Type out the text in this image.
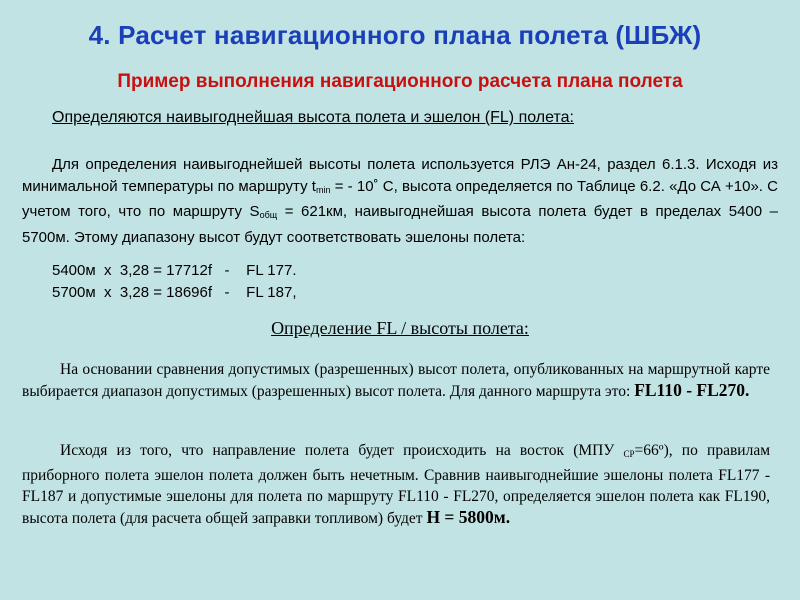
4. Расчет навигационного плана полета (ШБЖ)
Пример выполнения навигационного расчета плана полета
Определяются наивыгоднейшая высота полета и эшелон (FL) полета:
Для определения наивыгоднейшей высоты полета используется РЛЭ Ан-24, раздел 6.1.3. Исходя из минимальной температуры по маршруту $t_{min}$ = - 10˚ С, высота определяется по Таблице 6.2. «До СА +10». С учетом того, что по маршруту $S_{общ} = 621км$, наивыгоднейшая высота полета будет в пределах 5400 – 5700м. Этому диапазону высот будут соответствовать эшелоны полета:
5400м  х  3,28 = 17712f   -    FL 177.
5700м  х  3,28 = 18696f   -    FL 187,
Определение FL / высоты полета:
На основании сравнения допустимых (разрешенных) высот полета, опубликованных на маршрутной карте выбирается диапазон допустимых (разрешенных) высот полета. Для данного маршрута это: FL110 - FL270.
Исходя из того, что направление полета будет происходить на восток (МПУ $_{СР}$=66º), по правилам приборного полета эшелон полета должен быть нечетным. Сравнив наивыгоднейшие эшелоны полета FL177 - FL187 и допустимые эшелоны для полета по маршруту FL110 - FL270, определяется эшелон полета как FL190, высота полета (для расчета общей заправки топливом) будет Н = 5800м.
